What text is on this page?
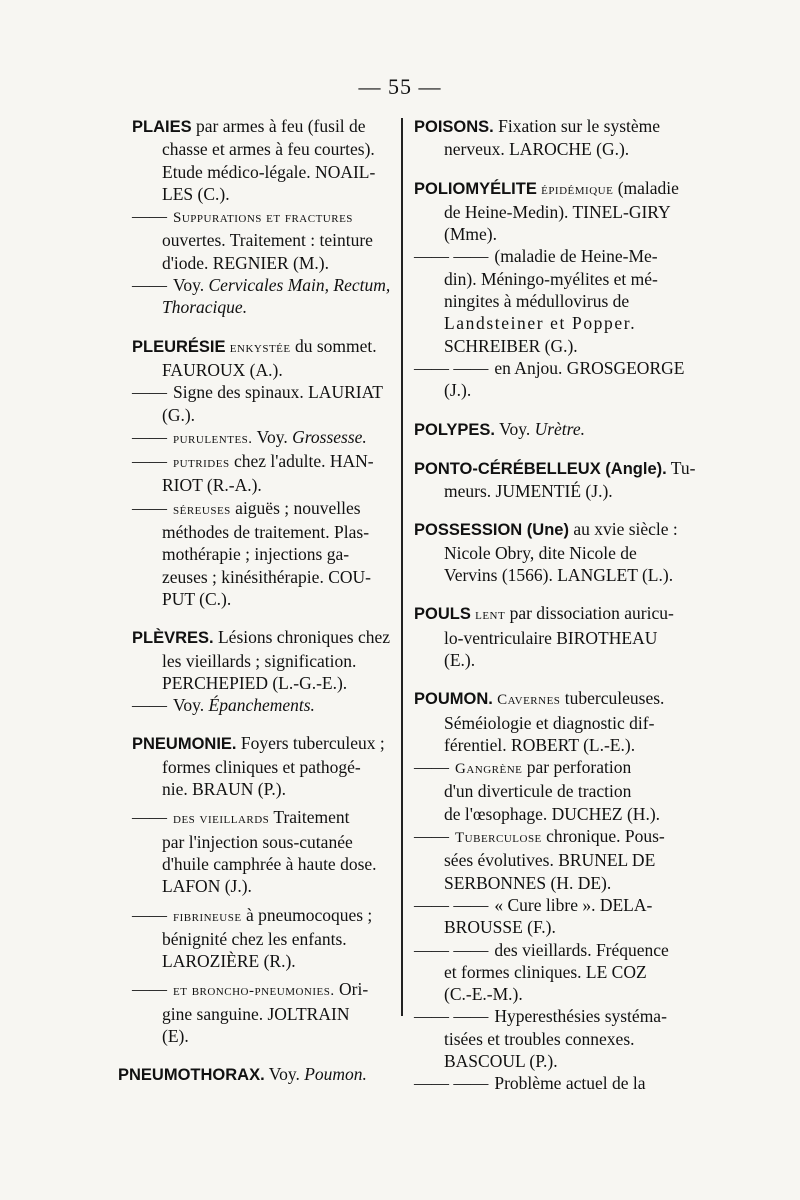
— 55 —
PLAIES par armes à feu (fusil de
chasse et armes à feu courtes).
Etude médico-légale. NOAIL-
LES (C.).
—— Suppurations et fractures
ouvertes. Traitement : teinture
d'iode. REGNIER (M.).
—— Voy. Cervicales Main, Rectum,
Thoracique.
PLEURÉSIE enkystée du sommet.
FAUROUX (A.).
—— Signe des spinaux. LAURIAT
(G.).
—— purulentes. Voy. Grossesse.
—— putrides chez l'adulte. HAN-
RIOT (R.-A.).
—— séreuses aiguës ; nouvelles
méthodes de traitement. Plas-
mothérapie ; injections ga-
zeuses ; kinésithérapie. COU-
PUT (C.).
PLÈVRES. Lésions chroniques chez
les vieillards ; signification.
PERCHEPIED (L.-G.-E.).
—— Voy. Épanchements.
PNEUMONIE. Foyers tuberculeux ;
formes cliniques et pathogé-
nie. BRAUN (P.).
—— des vieillards Traitement
par l'injection sous-cutanée
d'huile camphrée à haute dose.
LAFON (J.).
—— fibrineuse à pneumocoques ;
bénignité chez les enfants.
LAROZIÈRE (R.).
—— et broncho-pneumonies. Ori-
gine sanguine. JOLTRAIN
(E).
PNEUMOTHORAX. Voy. Poumon.
POISONS. Fixation sur le système
nerveux. LAROCHE (G.).
POLIOMYÉLITE épidémique (maladie
de Heine-Medin). TINEL-GIRY
(Mme).
—— —— (maladie de Heine-Me-
din). Méningo-myélites et mé-
ningites à médullovirus de
Landsteiner et Popper.
SCHREIBER (G.).
—— —— en Anjou. GROSGEORGE
(J.).
POLYPES. Voy. Urètre.
PONTO-CÉRÉBELLEUX (Angle). Tu-
meurs. JUMENTIÉ (J.).
POSSESSION (Une) au xvie siècle :
Nicole Obry, dite Nicole de
Vervins (1566). LANGLET (L.).
POULS lent par dissociation auricu-
lo-ventriculaire BIROTHEAU
(E.).
POUMON. Cavernes tuberculeuses.
Séméiologie et diagnostic dif-
férentiel. ROBERT (L.-E.).
—— Gangrène par perforation
d'un diverticule de traction
de l'œsophage. DUCHEZ (H.).
—— Tuberculose chronique. Pous-
sées évolutives. BRUNEL DE
SERBONNES (H. DE).
—— —— « Cure libre ». DELA-
BROUSSE (F.).
—— —— des vieillards. Fréquence
et formes cliniques. LE COZ
(C.-E.-M.).
—— —— Hyperesthésies systéma-
tisées et troubles connexes.
BASCOUL (P.).
—— —— Problème actuel de la
